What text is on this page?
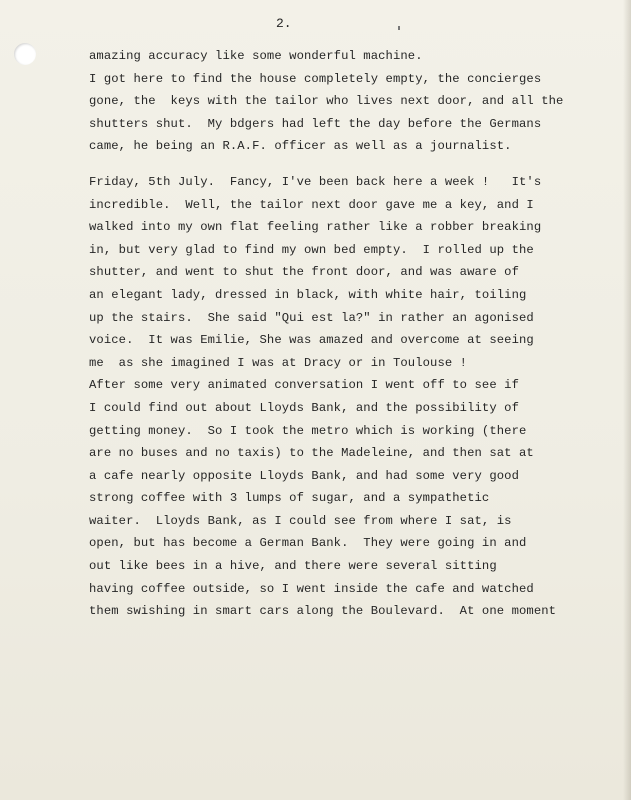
2.
amazing accuracy like some wonderful machine.
I got here to find the house completely empty, the concierges
gone, the  keys with the tailor who lives next door, and all the
shutters shut.  My bdgers had left the day before the Germans
came, he being an R.A.F. officer as well as a journalist.
Friday, 5th July.  Fancy, I've been back here a week !   It's
incredible.  Well, the tailor next door gave me a key, and I
walked into my own flat feeling rather like a robber breaking
in, but very glad to find my own bed empty.  I rolled up the
shutter, and went to shut the front door, and was aware of
an elegant lady, dressed in black, with white hair, toiling
up the stairs.  She said "Qui est la?" in rather an agonised
voice.  It was Emilie, She was amazed and overcome at seeing
me  as she imagined I was at Dracy or in Toulouse !
After some very animated conversation I went off to see if
I could find out about Lloyds Bank, and the possibility of
getting money.  So I took the metro which is working (there
are no buses and no taxis) to the Madeleine, and then sat at
a cafe nearly opposite Lloyds Bank, and had some very good
strong coffee with 3 lumps of sugar, and a sympathetic
waiter.  Lloyds Bank, as I could see from where I sat, is
open, but has become a German Bank.  They were going in and
out like bees in a hive, and there were several sitting
having coffee outside, so I went inside the cafe and watched
them swishing in smart cars along the Boulevard.  At one moment
